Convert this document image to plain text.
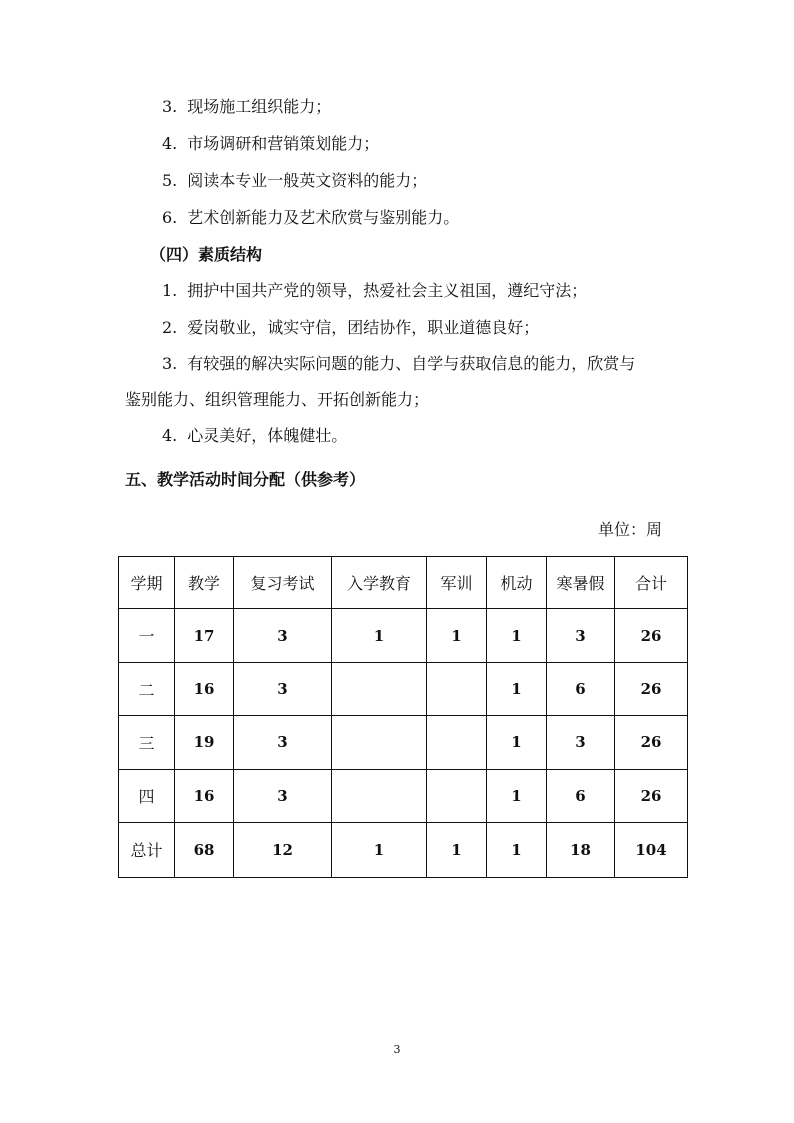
3. 现场施工组织能力；
4. 市场调研和营销策划能力；
5. 阅读本专业一般英文资料的能力；
6. 艺术创新能力及艺术欣赏与鉴别能力。
（四）素质结构
1. 拥护中国共产党的领导，热爱社会主义祖国，遵纪守法；
2. 爱岗敬业，诚实守信，团结协作，职业道德良好；
3. 有较强的解决实际问题的能力、自学与获取信息的能力，欣赏与
鉴别能力、组织管理能力、开拓创新能力；
4. 心灵美好，体魄健壮。
五、教学活动时间分配（供参考）
单位：周
学期	教学	复习考试	入学教育	军训	机动	寒暑假	合计
一	17	3	1	1	1	3	26
二	16	3			1	6	26
三	19	3			1	3	26
四	16	3			1	6	26
总计	68	12	1	1	1	18	104
3
